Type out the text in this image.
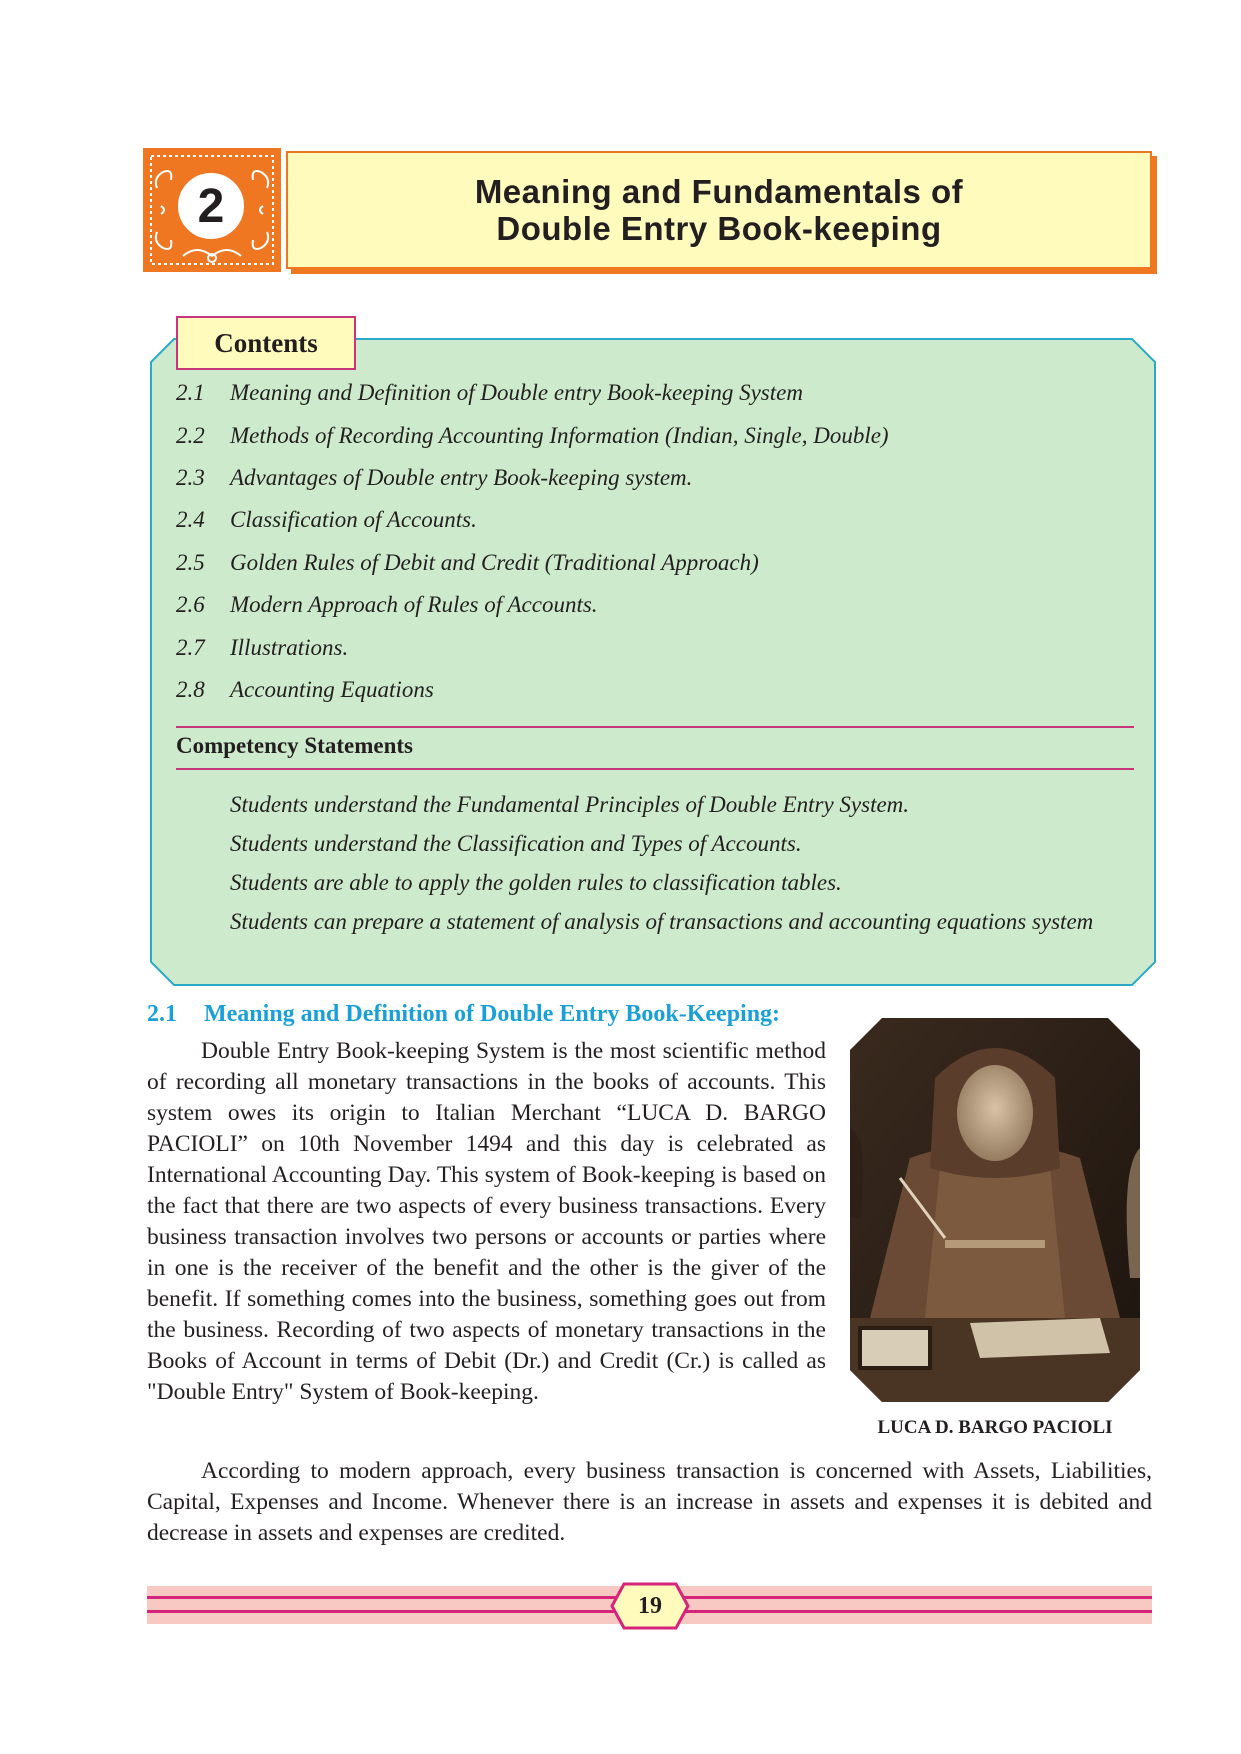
2	Meaning and Fundamentals of
Double Entry Book-keeping
Contents
2.1	Meaning and Definition of Double entry Book-keeping System
2.2	Methods of Recording Accounting Information (Indian, Single, Double)
2.3	Advantages of Double entry Book-keeping system.
2.4	Classification of Accounts.
2.5	Golden Rules of Debit and Credit (Traditional Approach)
2.6	Modern Approach of Rules of Accounts.
2.7	Illustrations.
2.8	Accounting Equations
Competency Statements
Students understand the Fundamental Principles of Double Entry System.
Students understand the Classification and Types of Accounts.
Students are able to apply the golden rules to classification tables.
Students can prepare a statement of analysis of transactions and accounting equations system
2.1	Meaning and Definition of Double Entry Book-Keeping:

Double Entry Book-keeping System is the most scientific method of recording all monetary transactions in the books of accounts. This system owes its origin to Italian Merchant “LUCA D. BARGO PACIOLI” on 10th November 1494 and this day is celebrated as International Accounting Day. This system of Book-keeping is based on the fact that there are two aspects of every business transactions. Every business transaction involves two persons or accounts or parties where in one is the receiver of the benefit and the other is the giver of the benefit. If something comes into the business, something goes out from the business. Recording of two aspects of monetary transactions in the Books of Account in terms of Debit (Dr.) and Credit (Cr.) is called as "Double Entry" System of Book-keeping.

LUCA D. BARGO PACIOLI

According to modern approach, every business transaction is concerned with Assets, Liabilities, Capital, Expenses and Income. Whenever there is an increase in assets and expenses it is debited and decrease in assets and expenses are credited.

19
